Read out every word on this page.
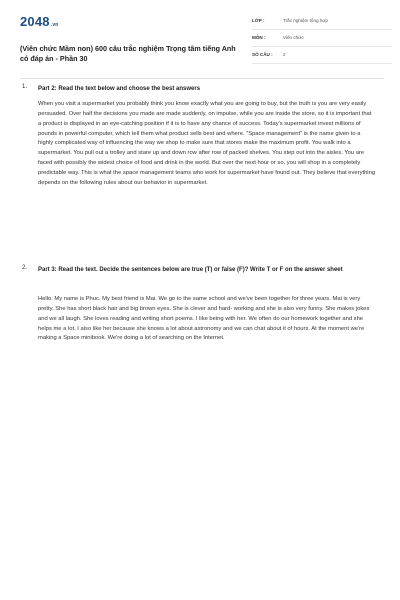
2048.vn
(Viên chức Mầm non) 600 câu trắc nghiệm Trọng tâm tiếng Anh có đáp án - Phần 30
LỚP :	Trắc nghiệm tổng hợp
MÔN :	Viên chức
SỐ CÂU : 2
1. Part 2: Read the text below and choose the best answers
When you visit a supermarket you probably think you know exactly what you are going to buy, but the truth is you are very easily persuaded. Over half the decisions you made are made suddenly, on impulse, while you are inside the store, so it is important that a product is displayed in an eye-catching position if it is to have any chance of success. Today's supermarket invest millions of pounds in powerful computer, which tell them what product sells best and where. "Space management" is the name given to a highly complicated way of influencing the way we shop to make sure that stores make the maximum profit. You walk into a supermarket. You pull out a trolley and stare up and down row after row of packed shelves. You step out into the aisles. You are faced with possibly the widest choice of food and drink in the world. But over the next hour or so, you will shop in a completely predictable way. This is what the space management teams who work for supermarket have found out. They believe that everything depends on the following rules about our behavior in supermarket.
2. Part 3: Read the text. Decide the sentences below are true (T) or false (F)? Write T or F on the answer sheet
Hello. My name is Phuc. My best friend is Mai. We go to the same school and we've been together for three years. Mai is very pretty. She has short black hair and big brown eyes. She is clever and hard- working and she is also very funny. She makes jokes and we all laugh. She loves reading and writing short poems. I like being with her. We often do our homework together and she helps me a lot. I also like her because she knows a lot about astronomy and we can chat about it of hours. At the moment we're making a Space minibook. We're doing a lot of searching on the Internet.
